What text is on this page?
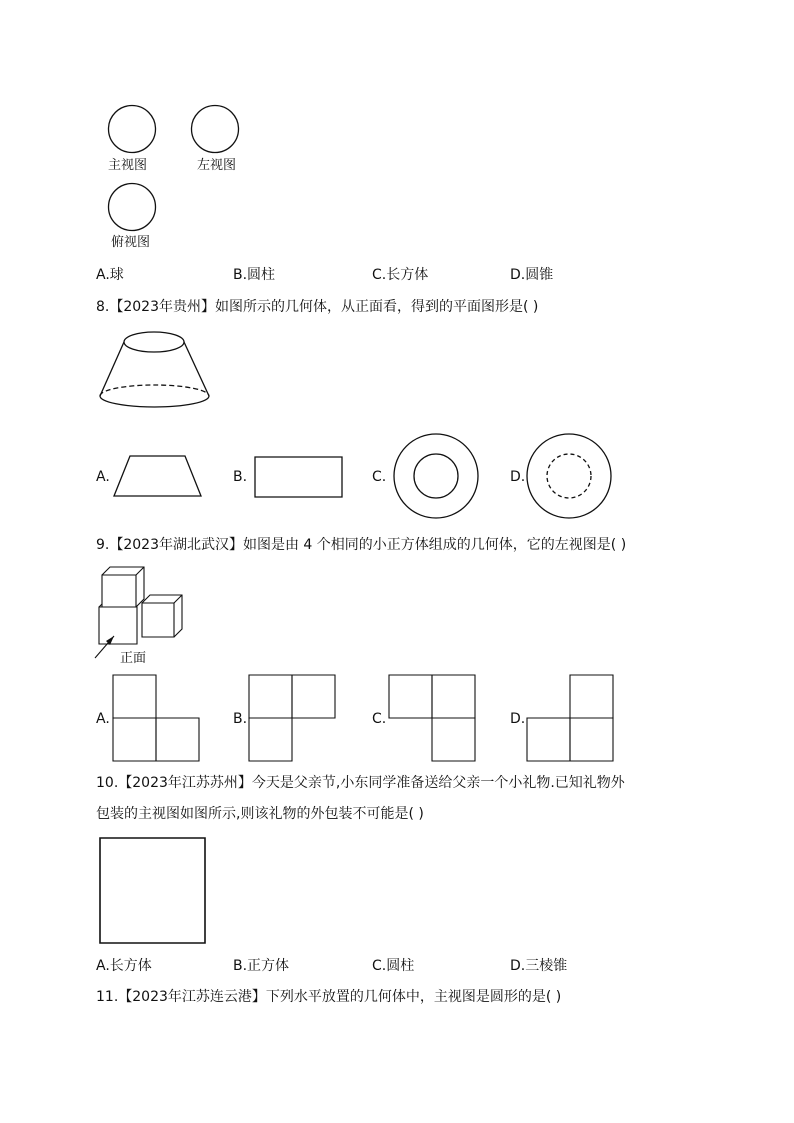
主视图	左视图
俯视图
A.球	B.圆柱	C.长方体	D.圆锥
8.【2023年贵州】如图所示的几何体，从正面看，得到的平面图形是( )
A.	B.	C.	D.
9.【2023年湖北武汉】如图是由 4 个相同的小正方体组成的几何体，它的左视图是( )
正面
A.	B.	C.	D.
10.【2023年江苏苏州】今天是父亲节,小东同学准备送给父亲一个小礼物.已知礼物外
包装的主视图如图所示,则该礼物的外包装不可能是( )
A.长方体	B.正方体	C.圆柱	D.三棱锥
11.【2023年江苏连云港】下列水平放置的几何体中，主视图是圆形的是( )
